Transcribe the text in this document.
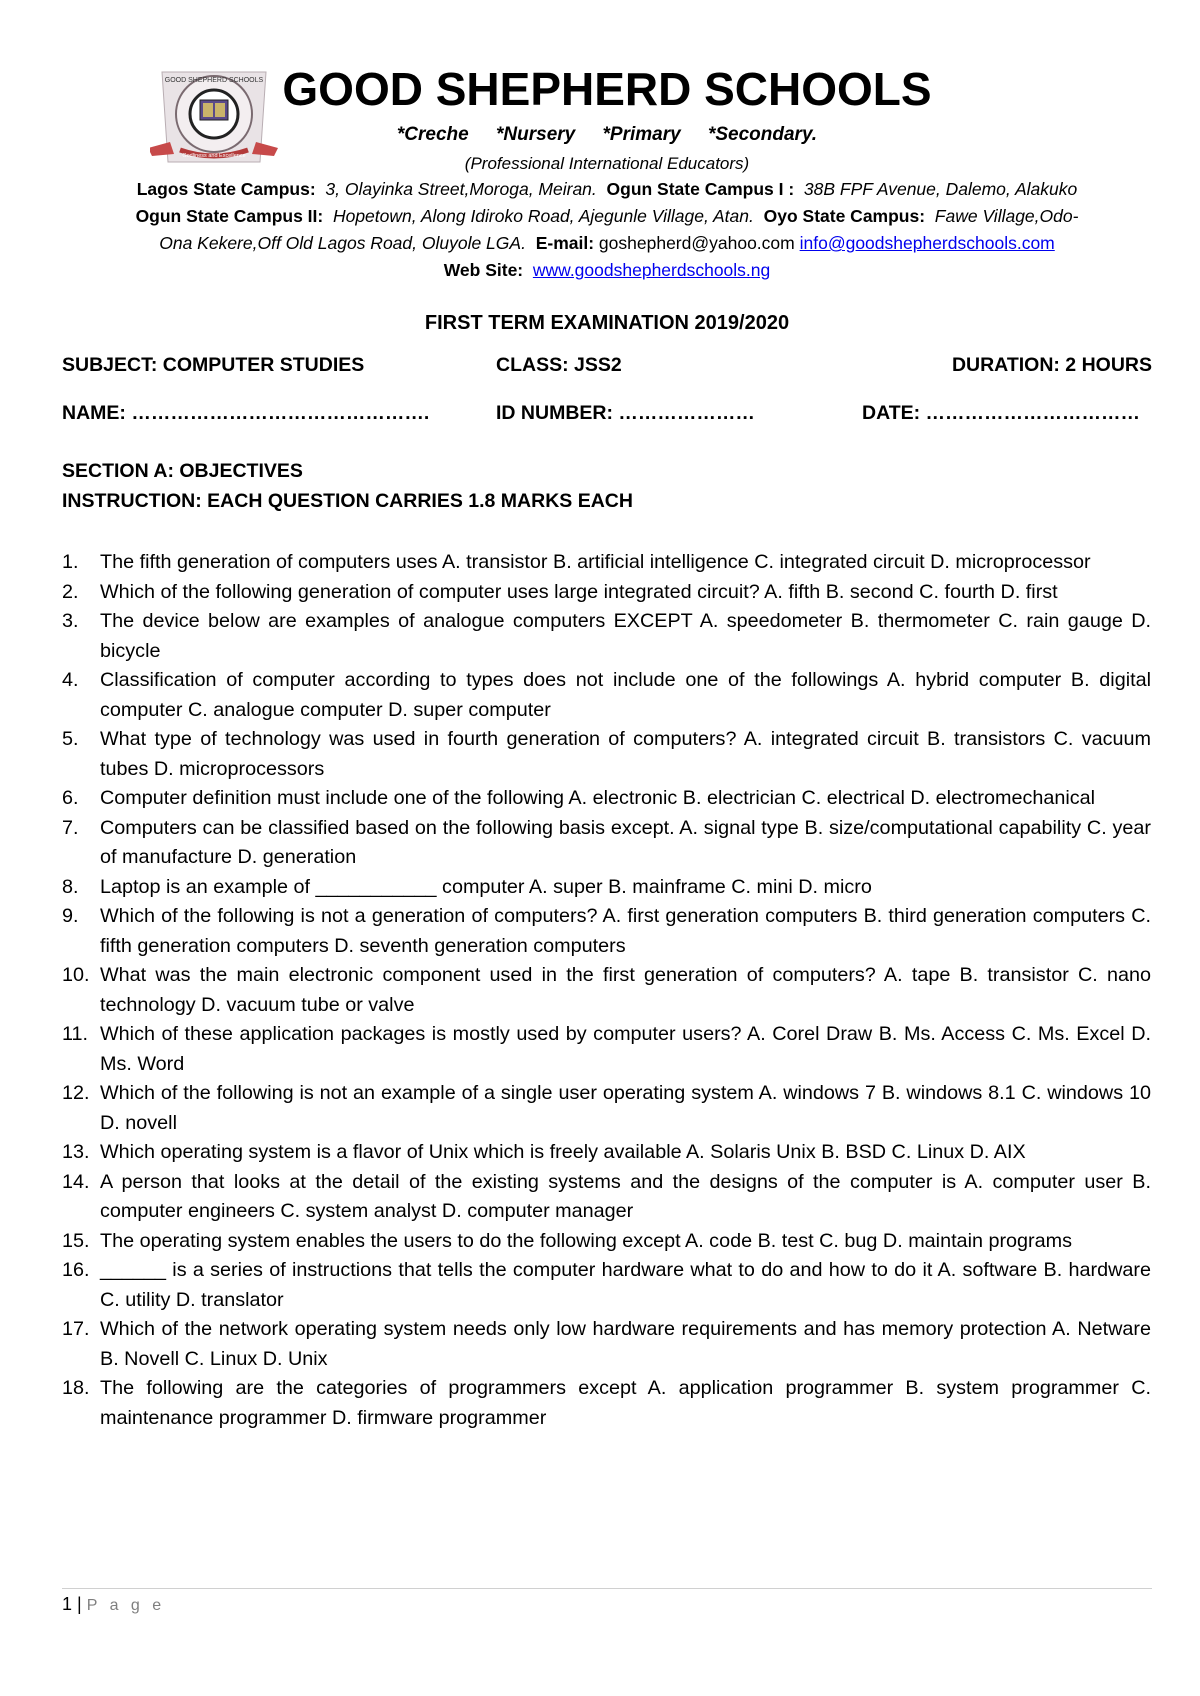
GOOD SHEPHERD SCHOOLS
Godliness and Excellence
GOOD SHEPHERD SCHOOLS
*Creche *Nursery *Primary *Secondary.
(Professional International Educators)
Lagos State Campus: 3, Olayinka Street,Moroga, Meiran. Ogun State Campus I : 38B FPF Avenue, Dalemo, Alakuko
Ogun State Campus II: Hopetown, Along Idiroko Road, Ajegunle Village, Atan. Oyo State Campus: Fawe Village,Odo-
Ona Kekere,Off Old Lagos Road, Oluyole LGA. E-mail: goshepherd@yahoo.com info@goodshepherdschools.com
Web Site: www.goodshepherdschools.ng
FIRST TERM EXAMINATION 2019/2020
SUBJECT: COMPUTER STUDIES	CLASS: JSS2	DURATION: 2 HOURS
NAME: ……………………………………….	ID NUMBER: …………………	DATE: ……………………………
SECTION A: OBJECTIVES
INSTRUCTION: EACH QUESTION CARRIES 1.8 MARKS EACH
1. The fifth generation of computers uses A. transistor B. artificial intelligence C. integrated circuit D. microprocessor
2. Which of the following generation of computer uses large integrated circuit? A. fifth B. second C. fourth D. first
3. The device below are examples of analogue computers EXCEPT A. speedometer B. thermometer C. rain gauge D. bicycle
4. Classification of computer according to types does not include one of the followings A. hybrid computer B. digital computer C. analogue computer D. super computer
5. What type of technology was used in fourth generation of computers? A. integrated circuit B. transistors C. vacuum tubes D. microprocessors
6. Computer definition must include one of the following A. electronic B. electrician C. electrical D. electromechanical
7. Computers can be classified based on the following basis except. A. signal type B. size/computational capability C. year of manufacture D. generation
8. Laptop is an example of ___________ computer A. super B. mainframe C. mini D. micro
9. Which of the following is not a generation of computers? A. first generation computers B. third generation computers C. fifth generation computers D. seventh generation computers
10. What was the main electronic component used in the first generation of computers? A. tape B. transistor C. nano technology D. vacuum tube or valve
11. Which of these application packages is mostly used by computer users? A. Corel Draw B. Ms. Access C. Ms. Excel D. Ms. Word
12. Which of the following is not an example of a single user operating system A. windows 7 B. windows 8.1 C. windows 10 D. novell
13. Which operating system is a flavor of Unix which is freely available A. Solaris Unix B. BSD C. Linux D. AIX
14. A person that looks at the detail of the existing systems and the designs of the computer is A. computer user B. computer engineers C. system analyst D. computer manager
15. The operating system enables the users to do the following except A. code B. test C. bug D. maintain programs
16. ______ is a series of instructions that tells the computer hardware what to do and how to do it A. software B. hardware C. utility D. translator
17. Which of the network operating system needs only low hardware requirements and has memory protection A. Netware B. Novell C. Linux D. Unix
18. The following are the categories of programmers except A. application programmer B. system programmer C. maintenance programmer D. firmware programmer
1 | P a g e
